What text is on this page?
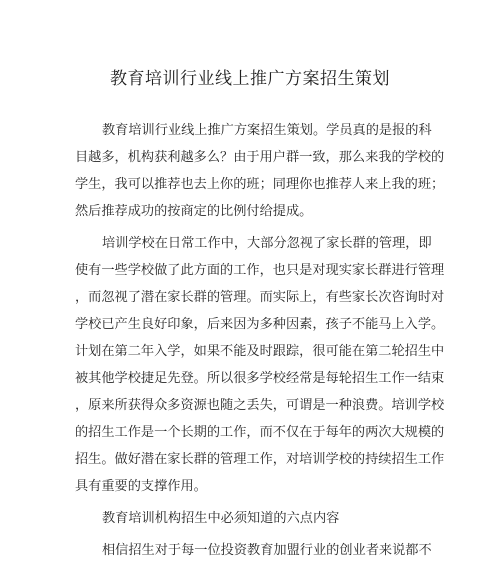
教育培训行业线上推广方案招生策划
教育培训行业线上推广方案招生策划。学员真的是报的科
目越多，机构获利越多么？由于用户群一致，那么来我的学校的
学生，我可以推荐也去上你的班；同理你也推荐人来上我的班；
然后推荐成功的按商定的比例付给提成。
培训学校在日常工作中，大部分忽视了家长群的管理，即
使有一些学校做了此方面的工作，也只是对现实家长群进行管理
，而忽视了潜在家长群的管理。而实际上，有些家长次咨询时对
学校已产生良好印象，后来因为多种因素，孩子不能马上入学。
计划在第二年入学，如果不能及时跟踪，很可能在第二轮招生中
被其他学校捷足先登。所以很多学校经常是每轮招生工作一结束
，原来所获得众多资源也随之丢失，可谓是一种浪费。培训学校
的招生工作是一个长期的工作，而不仅在于每年的两次大规模的
招生。做好潜在家长群的管理工作，对培训学校的持续招生工作
具有重要的支撑作用。
教育培训机构招生中必须知道的六点内容
相信招生对于每一位投资教育加盟行业的创业者来说都不
